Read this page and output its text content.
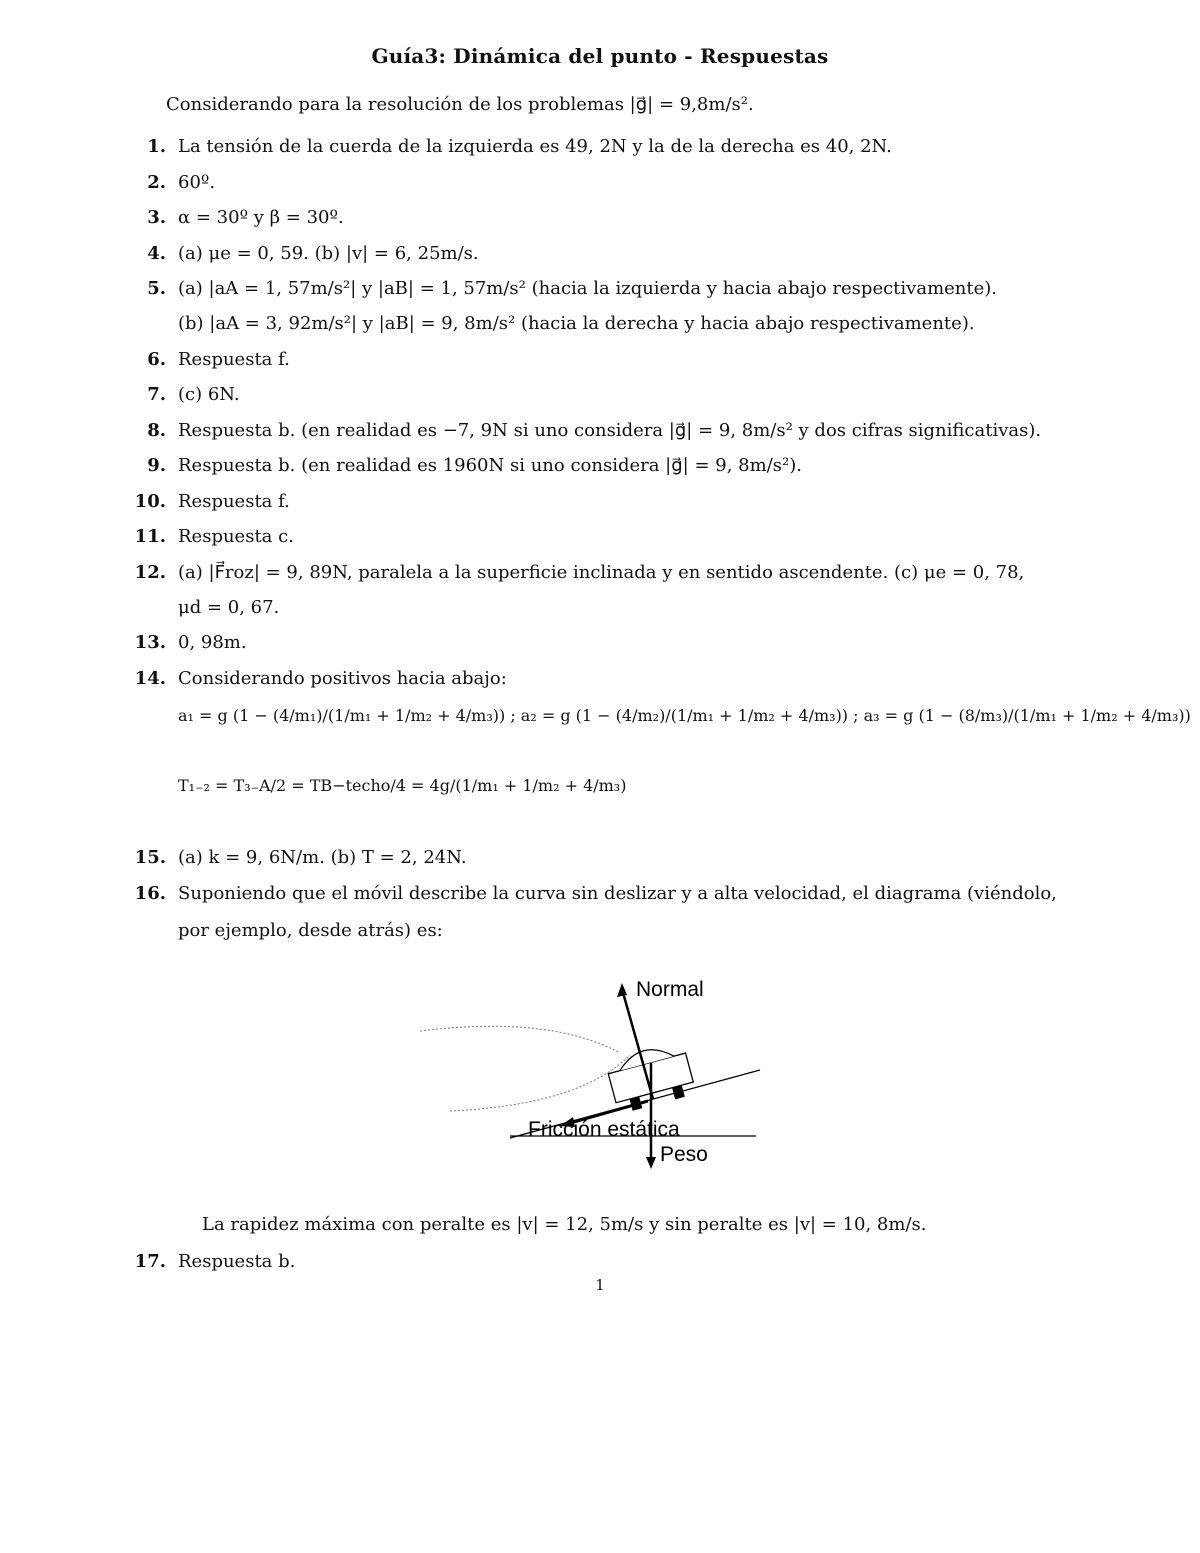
Guía3: Dinámica del punto - Respuestas
Considerando para la resolución de los problemas |g⃗| = 9,8m/s².
1. La tensión de la cuerda de la izquierda es 49, 2N y la de la derecha es 40, 2N.
2. 60º.
3. α = 30º y β = 30º.
4. (a) μe = 0, 59. (b) |v| = 6, 25m/s.
5. (a) |aA = 1, 57m/s²| y |aB| = 1, 57m/s² (hacia la izquierda y hacia abajo respectivamente).
(b) |aA = 3, 92m/s²| y |aB| = 9, 8m/s² (hacia la derecha y hacia abajo respectivamente).
6. Respuesta f.
7. (c) 6N.
8. Respuesta b. (en realidad es −7, 9N si uno considera |g⃗| = 9, 8m/s² y dos cifras significativas).
9. Respuesta b. (en realidad es 1960N si uno considera |g⃗| = 9, 8m/s²).
10. Respuesta f.
11. Respuesta c.
12. (a) |F⃗roz| = 9, 89N, paralela a la superficie inclinada y en sentido ascendente. (c) μe = 0, 78,
μd = 0, 67.
13. 0, 98m.
14. Considerando positivos hacia abajo:
a₁ = g (1 − (4/m₁)/(1/m₁ + 1/m₂ + 4/m₃)) ; a₂ = g (1 − (4/m₂)/(1/m₁ + 1/m₂ + 4/m₃)) ; a₃ = g (1 − (8/m₃)/(1/m₁ + 1/m₂ + 4/m₃))
T₁₋₂ = T₃₋A/2 = TB−techo/4 = 4g/(1/m₁ + 1/m₂ + 4/m₃)
15. (a) k = 9, 6N/m. (b) T = 2, 24N.
16. Suponiendo que el móvil describe la curva sin deslizar y a alta velocidad, el diagrama (viéndolo,
por ejemplo, desde atrás) es:
Normal
Fricción estática
Peso
La rapidez máxima con peralte es |v| = 12, 5m/s y sin peralte es |v| = 10, 8m/s.
17. Respuesta b.
1
